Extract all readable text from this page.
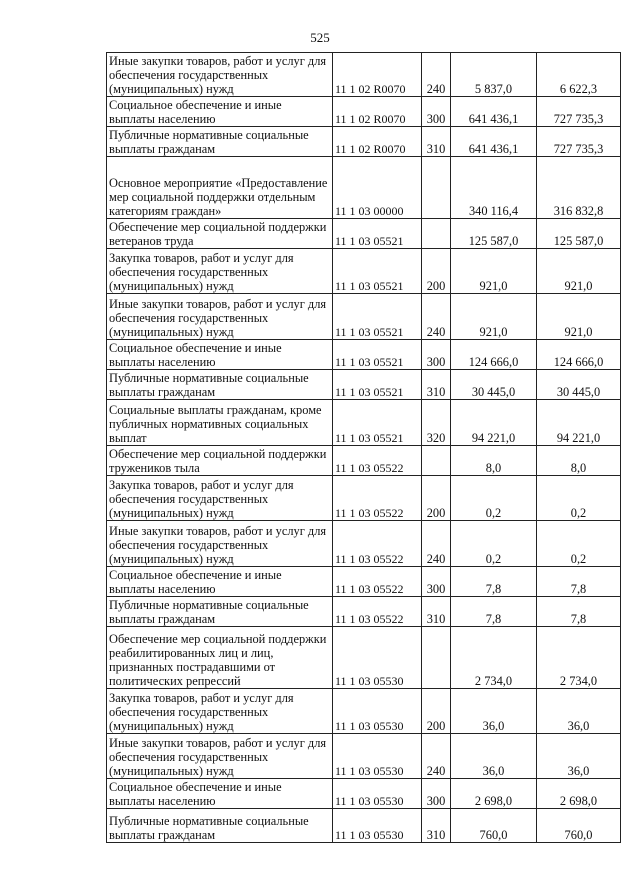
525
Иные закупки товаров, работ и услуг для обеспечения государственных (муниципальных) нужд	11 1 02 R0070	240	5 837,0	6 622,3
Социальное обеспечение и иные выплаты населению	11 1 02 R0070	300	641 436,1	727 735,3
Публичные нормативные социальные выплаты гражданам	11 1 02 R0070	310	641 436,1	727 735,3
Основное мероприятие «Предоставление мер социальной поддержки отдельным категориям граждан»	11 1 03 00000		340 116,4	316 832,8
Обеспечение мер социальной поддержки ветеранов труда	11 1 03 05521		125 587,0	125 587,0
Закупка товаров, работ и услуг для обеспечения государственных (муниципальных) нужд	11 1 03 05521	200	921,0	921,0
Иные закупки товаров, работ и услуг для обеспечения государственных (муниципальных) нужд	11 1 03 05521	240	921,0	921,0
Социальное обеспечение и иные выплаты населению	11 1 03 05521	300	124 666,0	124 666,0
Публичные нормативные социальные выплаты гражданам	11 1 03 05521	310	30 445,0	30 445,0
Социальные выплаты гражданам, кроме публичных нормативных социальных выплат	11 1 03 05521	320	94 221,0	94 221,0
Обеспечение мер социальной поддержки тружеников тыла	11 1 03 05522		8,0	8,0
Закупка товаров, работ и услуг для обеспечения государственных (муниципальных) нужд	11 1 03 05522	200	0,2	0,2
Иные закупки товаров, работ и услуг для обеспечения государственных (муниципальных) нужд	11 1 03 05522	240	0,2	0,2
Социальное обеспечение и иные выплаты населению	11 1 03 05522	300	7,8	7,8
Публичные нормативные социальные выплаты гражданам	11 1 03 05522	310	7,8	7,8
Обеспечение мер социальной поддержки реабилитированных лиц и лиц, признанных пострадавшими от политических репрессий	11 1 03 05530		2 734,0	2 734,0
Закупка товаров, работ и услуг для обеспечения государственных (муниципальных) нужд	11 1 03 05530	200	36,0	36,0
Иные закупки товаров, работ и услуг для обеспечения государственных (муниципальных) нужд	11 1 03 05530	240	36,0	36,0
Социальное обеспечение и иные выплаты населению	11 1 03 05530	300	2 698,0	2 698,0
Публичные нормативные социальные выплаты гражданам	11 1 03 05530	310	760,0	760,0
